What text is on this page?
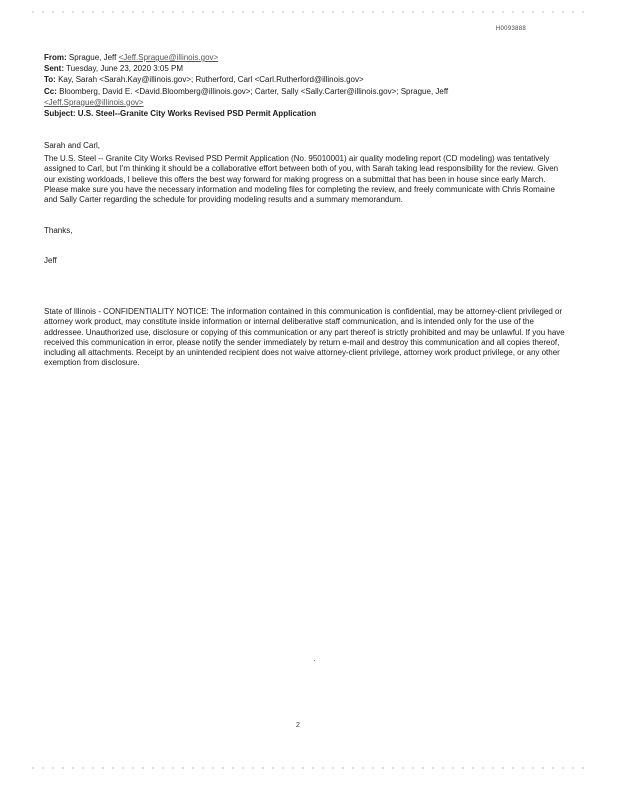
H0093888
From: Sprague, Jeff <Jeff.Sprague@illinois.gov>
Sent: Tuesday, June 23, 2020 3:05 PM
To: Kay, Sarah <Sarah.Kay@illinois.gov>; Rutherford, Carl <Carl.Rutherford@illinois.gov>
Cc: Bloomberg, David E. <David.Bloomberg@illinois.gov>; Carter, Sally <Sally.Carter@illinois.gov>; Sprague, Jeff
<Jeff.Sprague@illinois.gov>
Subject: U.S. Steel--Granite City Works Revised PSD Permit Application

Sarah and Carl,

The U.S. Steel -- Granite City Works Revised PSD Permit Application (No. 95010001) air quality modeling report (CD modeling) was tentatively assigned to Carl, but I'm thinking it should be a collaborative effort between both of you, with Sarah taking lead responsibility for the review. Given our existing workloads, I believe this offers the best way forward for making progress on a submittal that has been in house since early March. Please make sure you have the necessary information and modeling files for completing the review, and freely communicate with Chris Romaine and Sally Carter regarding the schedule for providing modeling results and a summary memorandum.

Thanks,

Jeff

State of Illinois - CONFIDENTIALITY NOTICE: The information contained in this communication is confidential, may be attorney-client privileged or attorney work product, may constitute inside information or internal deliberative staff communication, and is intended only for the use of the addressee. Unauthorized use, disclosure or copying of this communication or any part thereof is strictly prohibited and may be unlawful. If you have received this communication in error, please notify the sender immediately by return e-mail and destroy this communication and all copies thereof, including all attachments. Receipt by an unintended recipient does not waive attorney-client privilege, attorney work product privilege, or any other exemption from disclosure.
2
